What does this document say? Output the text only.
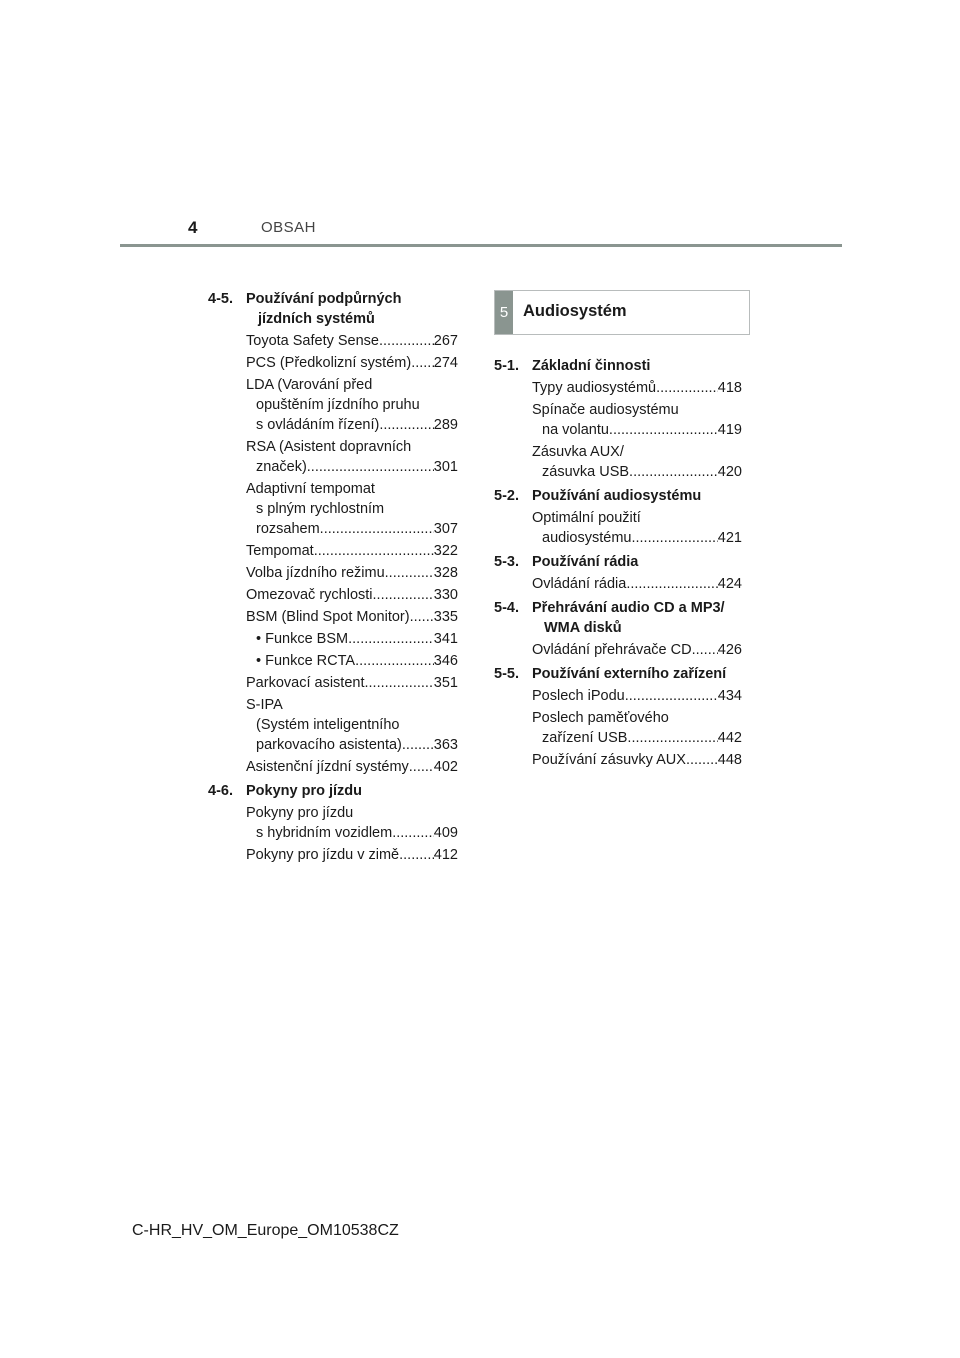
4	OBSAH
4-5. Používání podpůrných
jízdních systémů
Toyota Safety Sense .....	267
PCS (Předkolizní systém) ..... 274
LDA (Varování před
opuštěním jízdního pruhu
s ovládáním řízení) .....	289
RSA (Asistent dopravních
značek) .....	301
Adaptivní tempomat
s plným rychlostním
rozsahem .....	307
Tempomat .....	322
Volba jízdního režimu .....	328
Omezovač rychlosti .....	330
BSM (Blind Spot Monitor) ..... 335
• Funkce BSM .....	341
• Funkce RCTA .....	346
Parkovací asistent .....	351
S-IPA
(Systém inteligentního
parkovacího asistenta) ..... 363
Asistenční jízdní systémy ..... 402
4-6. Pokyny pro jízdu
Pokyny pro jízdu
s hybridním vozidlem .....	409
Pokyny pro jízdu v zimě ..... 412
5 Audiosystém
5-1. Základní činnosti
Typy audiosystémů .....	418
Spínače audiosystému
na volantu .....	419
Zásuvka AUX/
zásuvka USB .....	420
5-2. Používání audiosystému
Optimální použití
audiosystému .....	421
5-3. Používání rádia
Ovládání rádia .....	424
5-4. Přehrávání audio CD a MP3/
WMA disků
Ovládání přehrávače CD ..... 426
5-5. Používání externího zařízení
Poslech iPodu .....	434
Poslech paměťového
zařízení USB .....	442
Používání zásuvky AUX ..... 448
C-HR_HV_OM_Europe_OM10538CZ
